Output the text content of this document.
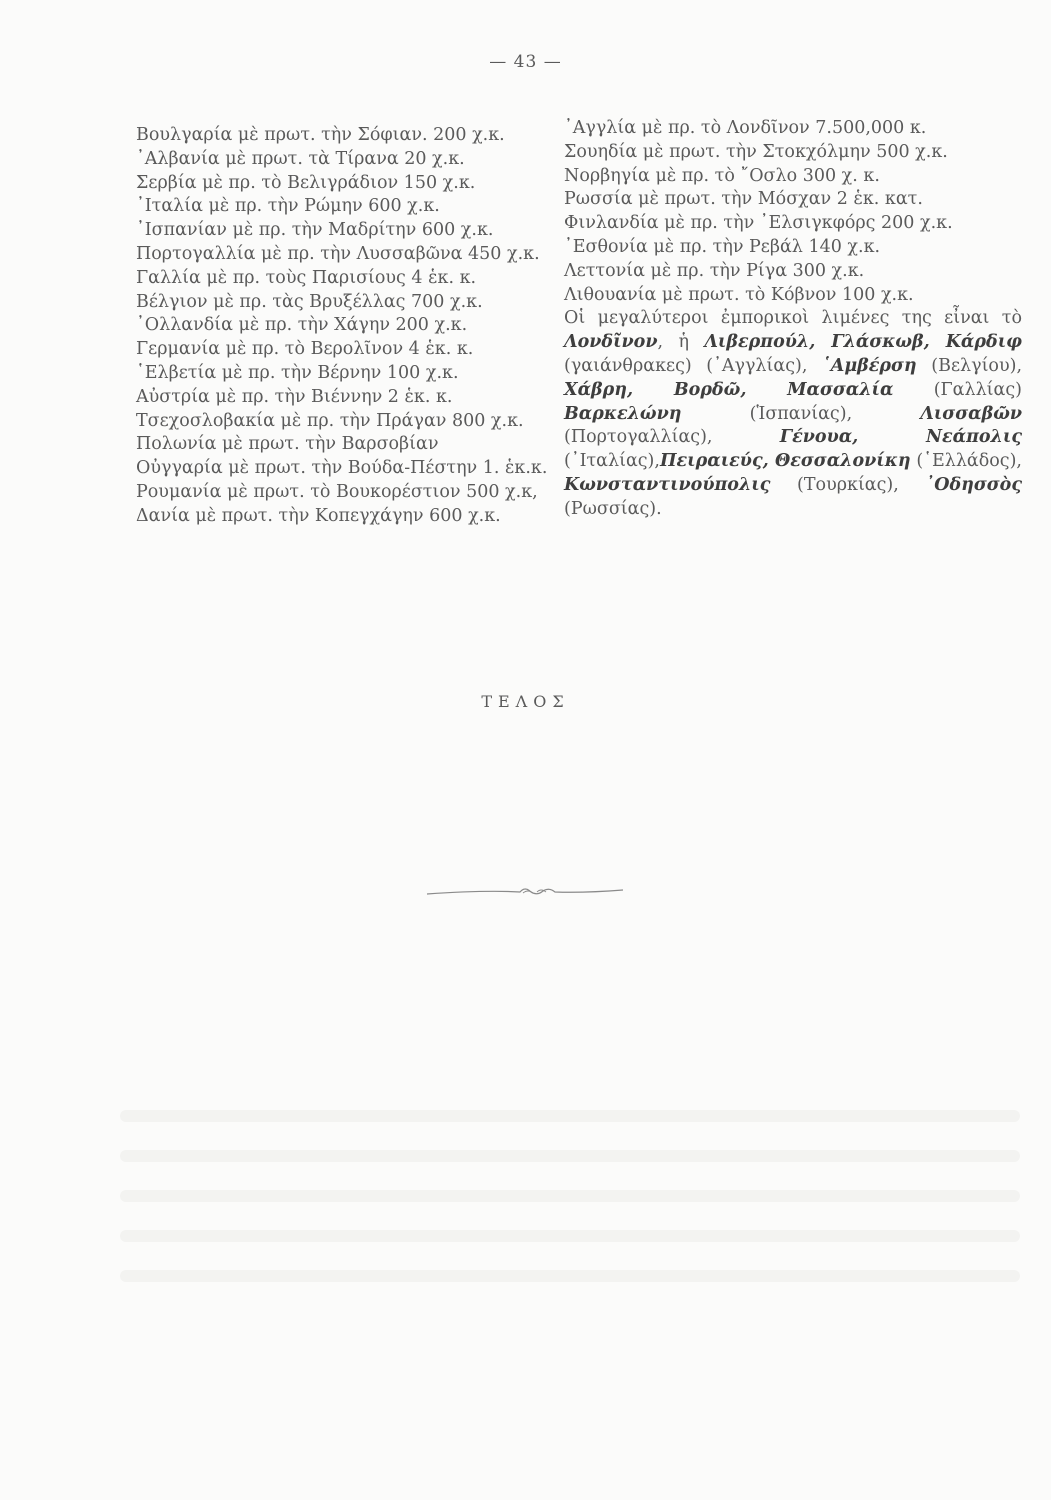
— 43 —
Βουλγαρία μὲ πρωτ. τὴν Σόφιαν. 200 χ.κ.
᾿Αλβανία μὲ πρωτ. τὰ Τίρανα 20 χ.κ.
Σερβία μὲ πρ. τὸ Βελιγράδιον 150 χ.κ.
᾿Ιταλία μὲ πρ. τὴν Ρώμην 600 χ.κ.
᾿Ισπανίαν μὲ πρ. τὴν Μαδρίτην 600 χ.κ.
Πορτογαλλία μὲ πρ. τὴν Λυσσαβῶνα 450 χ.κ.
Γαλλία μὲ πρ. τοὺς Παρισίους 4 ἑκ. κ.
Βέλγιον μὲ πρ. τὰς Βρυξέλλας 700 χ.κ.
᾿Ολλανδία μὲ πρ. τὴν Χάγην 200 χ.κ.
Γερμανία μὲ πρ. τὸ Βερολῖνον 4 ἑκ. κ.
῾Ελβετία μὲ πρ. τὴν Βέρνην 100 χ.κ.
Αὐστρία μὲ πρ. τὴν Βιέννην 2 ἑκ. κ.
Τσεχοσλοβακία μὲ πρ. τὴν Πράγαν 800 χ.κ.
Πολωνία μὲ πρωτ. τὴν Βαρσοβίαν
Οὐγγαρία μὲ πρωτ. τὴν Βούδα-Πέστην 1. ἑκ.κ.
Ρουμανία μὲ πρωτ. τὸ Βουκορέστιον 500 χ.κ,
Δανία μὲ πρωτ. τὴν Κοπεγχάγην 600 χ.κ.
᾿Αγγλία μὲ πρ. τὸ Λονδῖνον 7.500,000 κ.
Σουηδία μὲ πρωτ. τὴν Στοκχόλμην 500 χ.κ.
Νορβηγία μὲ πρ. τὸ ῎Οσλο 300 χ. κ.
Ρωσσία μὲ πρωτ. τὴν Μόσχαν 2 ἑκ. κατ.
Φινλανδία μὲ πρ. τὴν ᾿Ελσιγκφόρς 200 χ.κ.
᾿Εσθονία μὲ πρ. τὴν Ρεβάλ 140 χ.κ.
Λεττονία μὲ πρ. τὴν Ρίγα 300 χ.κ.
Λιθουανία μὲ πρωτ. τὸ Κόβνον 100 χ.κ.

Οἱ μεγαλύτεροι ἐμπορικοὶ λιμένες της εἶναι τὸ Λονδῖνον, ἡ Λιβερπούλ, Γλάσκωβ, Κάρδιφ (γαιάνθρακες) (᾿Αγγλίας), ῾Αμβέρση (Βελγίου), Χάβρη, Βορδῶ, Μασσαλία (Γαλλίας) Βαρκελώνη (Ἱσπανίας), Λισσαβῶν (Πορτογαλλίας), Γένουα, Νεάπολις (᾿Ιταλίας),Πειραιεύς, Θεσσαλονίκη (῾Ελλάδος), Κωνσταντινούπολις (Τουρκίας), ᾿Οδησσὸς (Ρωσσίας).

ΤΕΛΟΣ
